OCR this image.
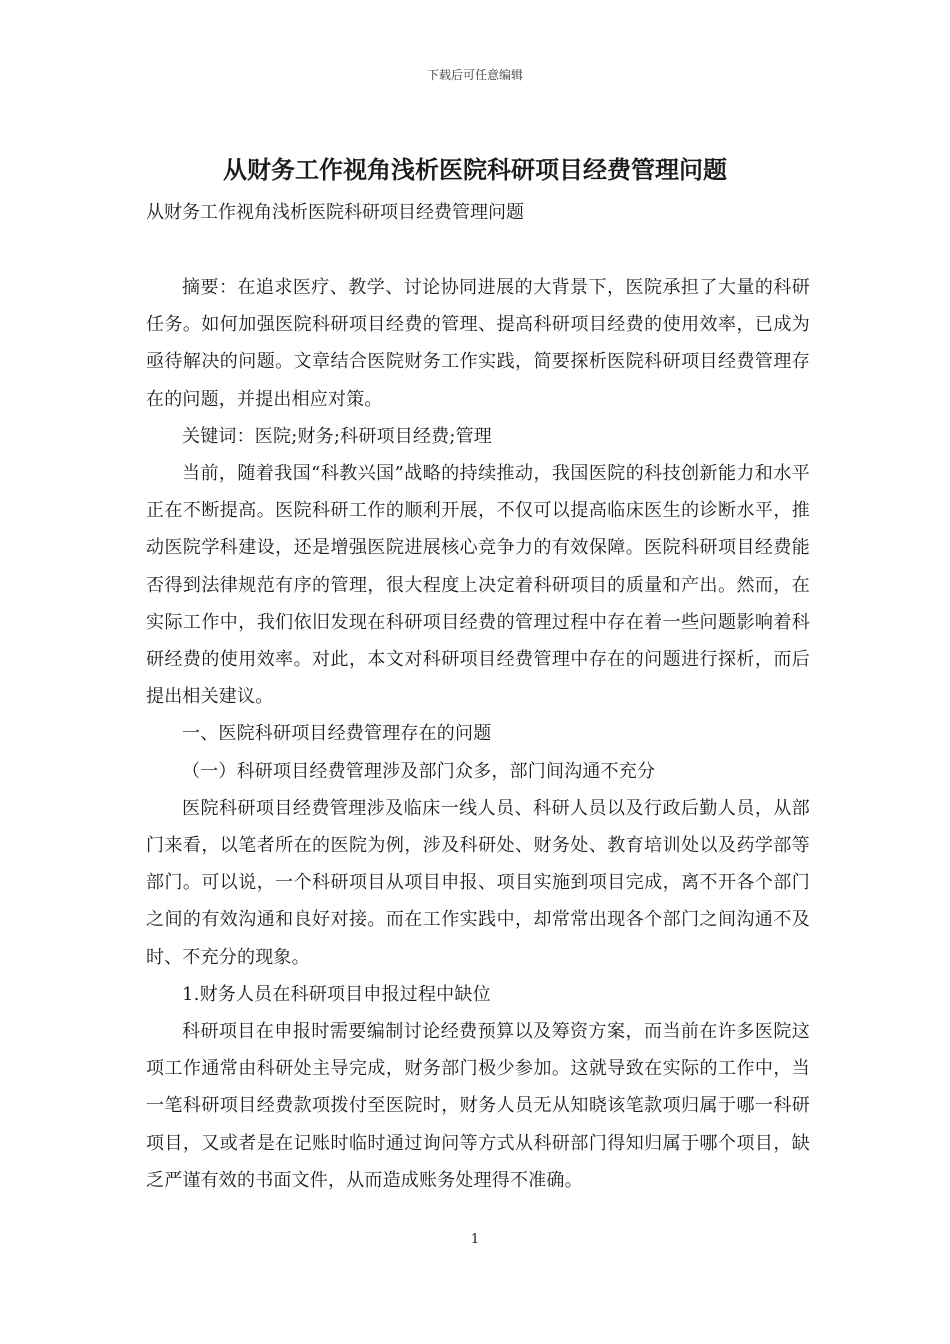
下载后可任意编辑
从财务工作视角浅析医院科研项目经费管理问题
从财务工作视角浅析医院科研项目经费管理问题

摘要：在追求医疗、教学、讨论协同进展的大背景下，医院承担了大量的科研任务。如何加强医院科研项目经费的管理、提高科研项目经费的使用效率，已成为亟待解决的问题。文章结合医院财务工作实践，简要探析医院科研项目经费管理存在的问题，并提出相应对策。

关键词：医院;财务;科研项目经费;管理

当前，随着我国“科教兴国”战略的持续推动，我国医院的科技创新能力和水平正在不断提高。医院科研工作的顺利开展，不仅可以提高临床医生的诊断水平，推动医院学科建设，还是增强医院进展核心竞争力的有效保障。医院科研项目经费能否得到法律规范有序的管理，很大程度上决定着科研项目的质量和产出。然而，在实际工作中，我们依旧发现在科研项目经费的管理过程中存在着一些问题影响着科研经费的使用效率。对此，本文对科研项目经费管理中存在的问题进行探析，而后提出相关建议。

一、医院科研项目经费管理存在的问题

（一）科研项目经费管理涉及部门众多，部门间沟通不充分

医院科研项目经费管理涉及临床一线人员、科研人员以及行政后勤人员，从部门来看，以笔者所在的医院为例，涉及科研处、财务处、教育培训处以及药学部等部门。可以说，一个科研项目从项目申报、项目实施到项目完成，离不开各个部门之间的有效沟通和良好对接。而在工作实践中，却常常出现各个部门之间沟通不及时、不充分的现象。

1.财务人员在科研项目申报过程中缺位

科研项目在申报时需要编制讨论经费预算以及筹资方案，而当前在许多医院这项工作通常由科研处主导完成，财务部门极少参加。这就导致在实际的工作中，当一笔科研项目经费款项拨付至医院时，财务人员无从知晓该笔款项归属于哪一科研项目，又或者是在记账时临时通过询问等方式从科研部门得知归属于哪个项目，缺乏严谨有效的书面文件，从而造成账务处理得不准确。

1
